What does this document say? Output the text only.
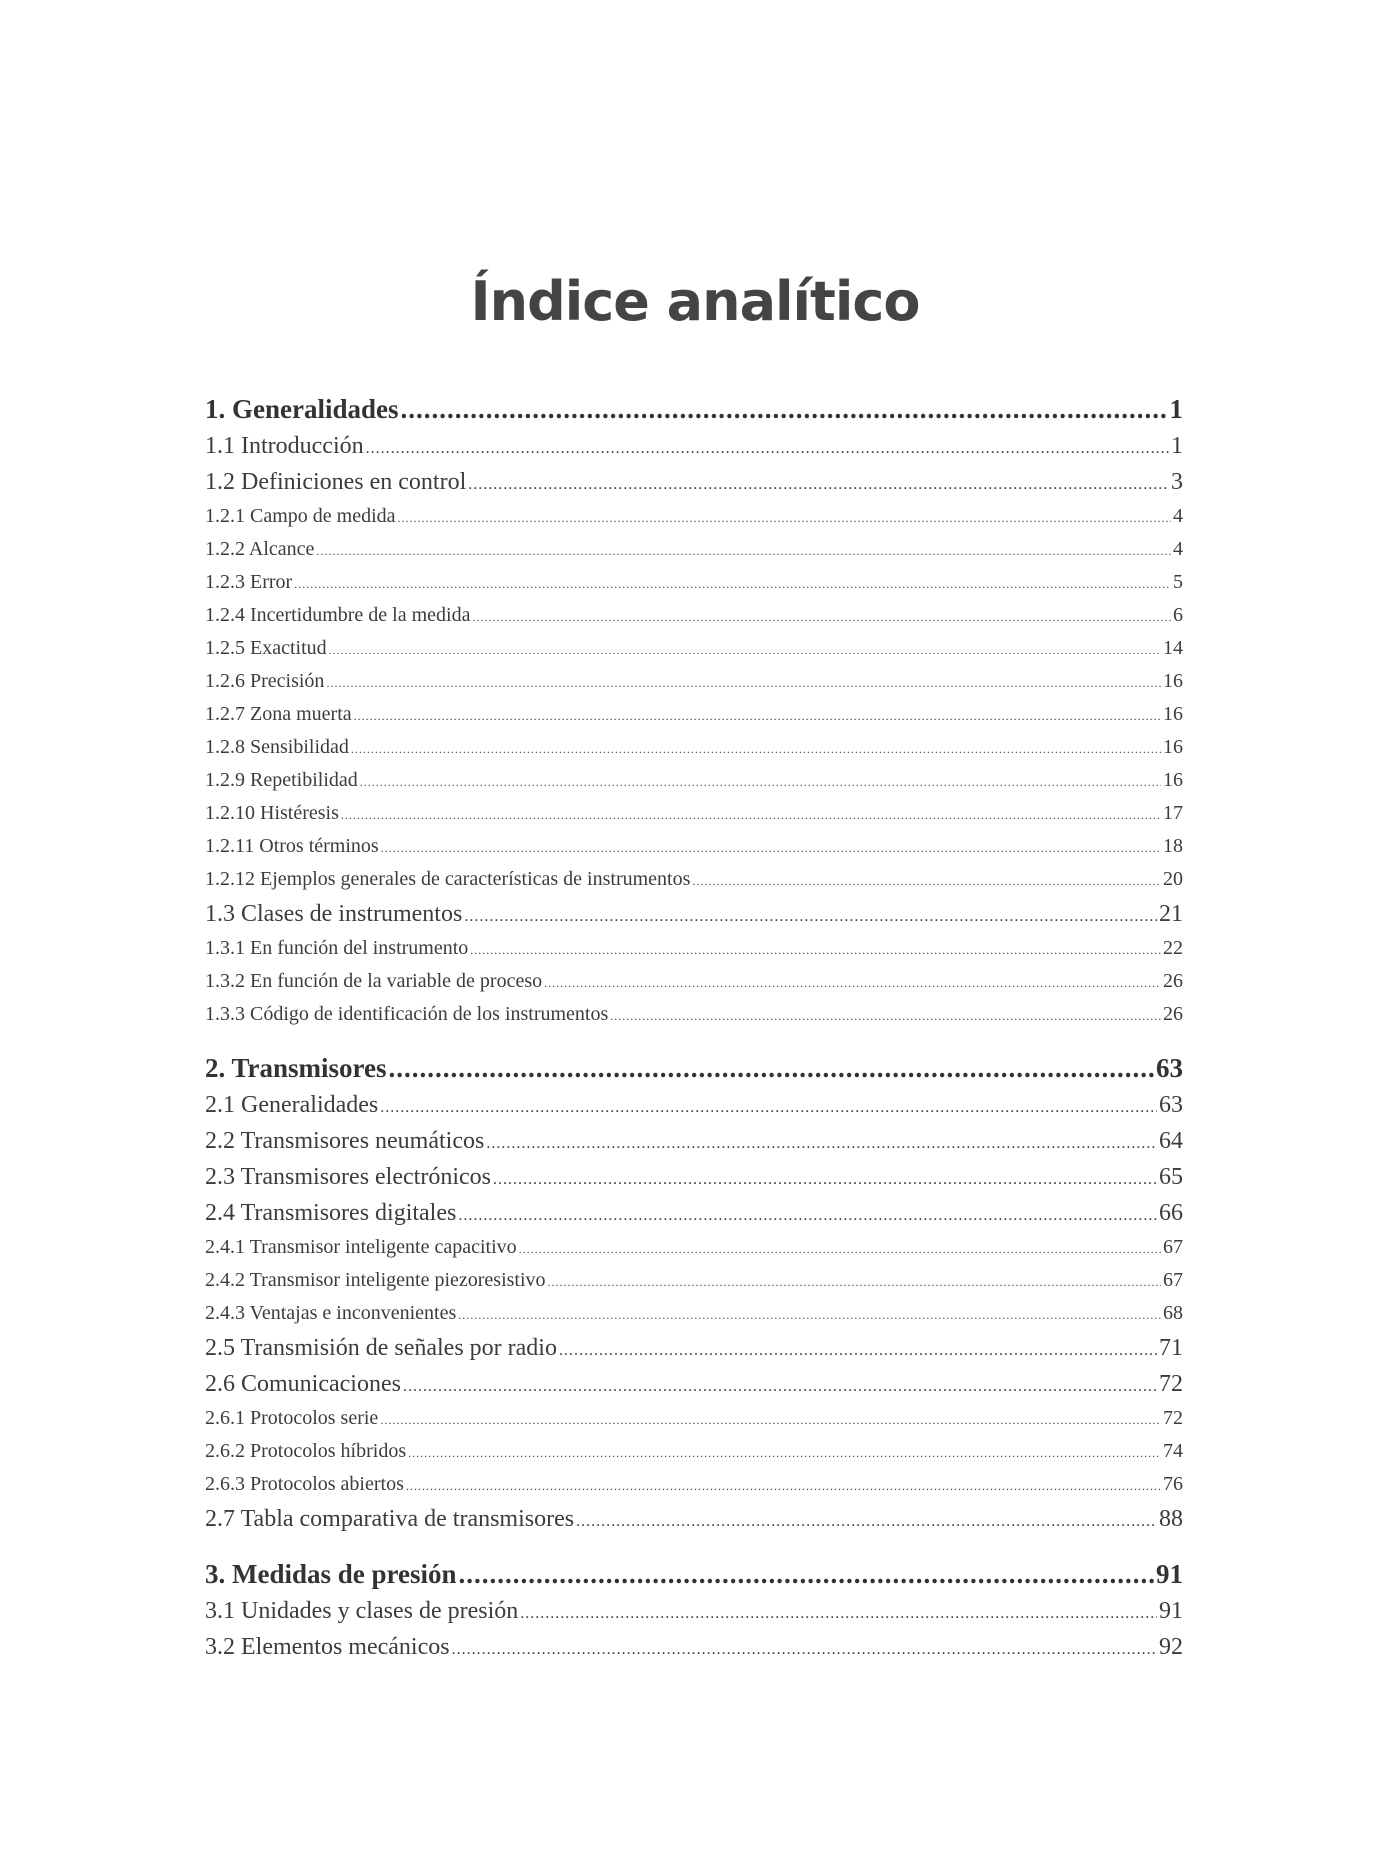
Índice analítico
1. Generalidades .....	1
1.1 Introducción .....	1
1.2 Definiciones en control .....	3
1.2.1 Campo de medida .....	4
1.2.2 Alcance .....	4
1.2.3 Error .....	5
1.2.4 Incertidumbre de la medida .....	6
1.2.5 Exactitud .....	14
1.2.6 Precisión .....	16
1.2.7 Zona muerta .....	16
1.2.8 Sensibilidad .....	16
1.2.9 Repetibilidad .....	16
1.2.10 Histéresis .....	17
1.2.11 Otros términos .....	18
1.2.12 Ejemplos generales de características de instrumentos .....	20
1.3 Clases de instrumentos .....	21
1.3.1 En función del instrumento .....	22
1.3.2 En función de la variable de proceso .....	26
1.3.3 Código de identificación de los instrumentos .....	26
2. Transmisores .....	63
2.1 Generalidades .....	63
2.2 Transmisores neumáticos .....	64
2.3 Transmisores electrónicos .....	65
2.4 Transmisores digitales .....	66
2.4.1 Transmisor inteligente capacitivo .....	67
2.4.2 Transmisor inteligente piezoresistivo .....	67
2.4.3 Ventajas e inconvenientes .....	68
2.5 Transmisión de señales por radio .....	71
2.6 Comunicaciones .....	72
2.6.1 Protocolos serie .....	72
2.6.2 Protocolos híbridos .....	74
2.6.3 Protocolos abiertos .....	76
2.7 Tabla comparativa de transmisores .....	88
3. Medidas de presión .....	91
3.1 Unidades y clases de presión .....	91
3.2 Elementos mecánicos .....	92
